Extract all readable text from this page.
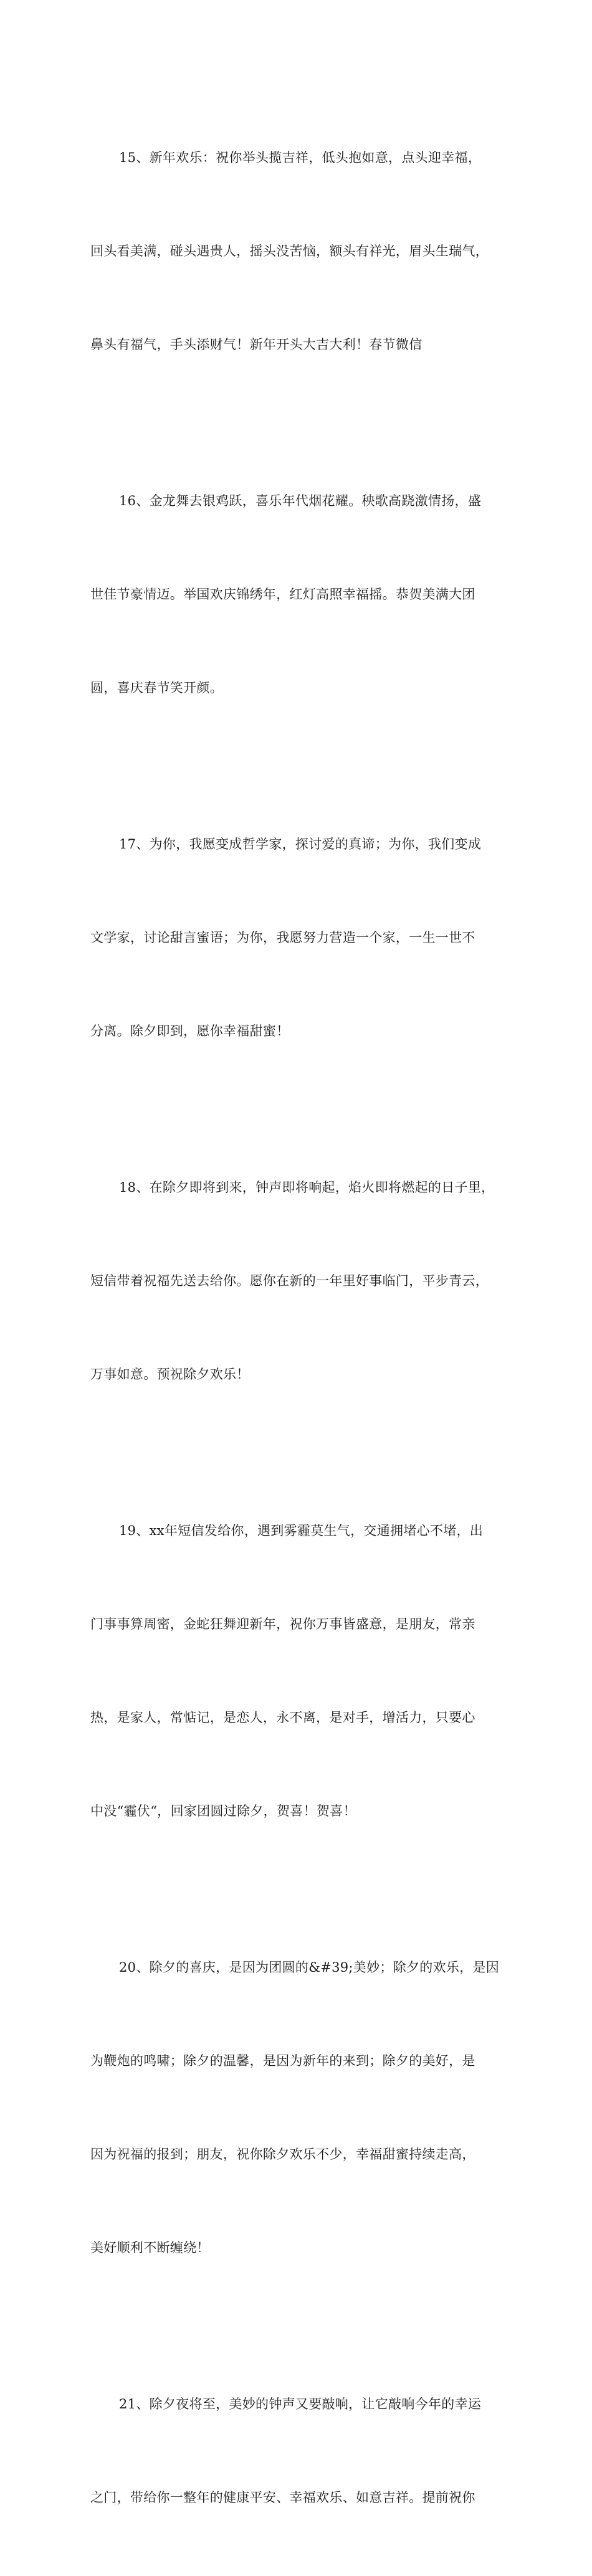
15、新年欢乐：祝你举头揽吉祥，低头抱如意，点头迎幸福，

回头看美满，碰头遇贵人，摇头没苦恼，额头有祥光，眉头生瑞气，

鼻头有福气，手头添财气！新年开头大吉大利！春节微信

16、金龙舞去银鸡跃，喜乐年代烟花耀。秧歌高跷激情扬，盛

世佳节豪情迈。举国欢庆锦绣年，红灯高照幸福摇。恭贺美满大团

圆，喜庆春节笑开颜。

17、为你，我愿变成哲学家，探讨爱的真谛；为你，我们变成

文学家，讨论甜言蜜语；为你，我愿努力营造一个家，一生一世不

分离。除夕即到，愿你幸福甜蜜！

18、在除夕即将到来，钟声即将响起，焰火即将燃起的日子里，

短信带着祝福先送去给你。愿你在新的一年里好事临门，平步青云，

万事如意。预祝除夕欢乐！

19、xx年短信发给你，遇到雾霾莫生气，交通拥堵心不堵，出

门事事算周密，金蛇狂舞迎新年，祝你万事皆盛意，是朋友，常亲

热，是家人，常惦记，是恋人，永不离，是对手，增活力，只要心

中没“霾伏“，回家团圆过除夕，贺喜！贺喜！

20、除夕的喜庆，是因为团圆的&#39;美妙；除夕的欢乐，是因

为鞭炮的鸣啸；除夕的温馨，是因为新年的来到；除夕的美好，是

因为祝福的报到；朋友，祝你除夕欢乐不少，幸福甜蜜持续走高，

美好顺利不断缠绕！

21、除夕夜将至，美妙的钟声又要敲响，让它敲响今年的幸运

之门，带给你一整年的健康平安、幸福欢乐、如意吉祥。提前祝你
